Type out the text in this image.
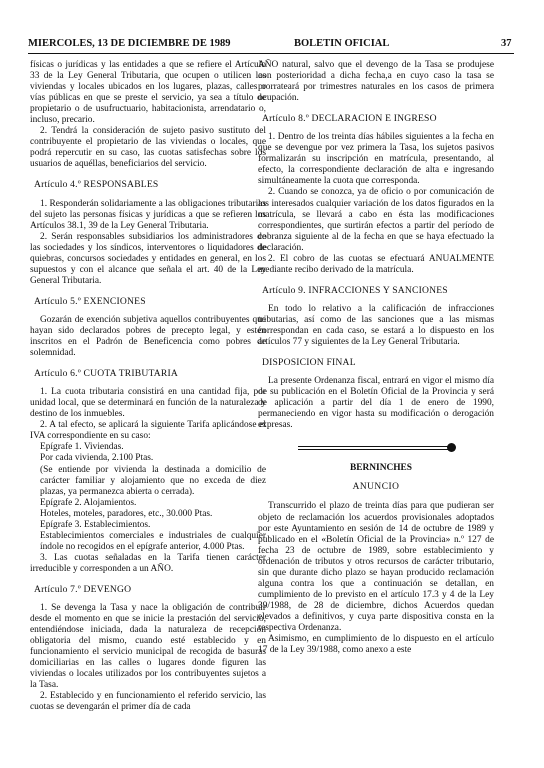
MIERCOLES, 13 DE DICIEMBRE DE 1989	BOLETIN OFICIAL	37

físicas o jurídicas y las entidades a que se refiere el Artículo 33 de la Ley General Tributaria, que ocupen o utilicen las viviendas y locales ubicados en los lugares, plazas, calles o vías públicas en que se preste el servicio, ya sea a título de propietario o de usufructuario, habitacionista, arrendatario o, incluso, precario.

2. Tendrá la consideración de sujeto pasivo sustituto del contribuyente el propietario de las viviendas o locales, que podrá repercutir en su caso, las cuotas satisfechas sobre los usuarios de aquéllas, beneficiarios del servicio.

Artículo 4.º RESPONSABLES

1. Responderán solidariamente a las obligaciones tributarias del sujeto las personas físicas y jurídicas a que se refieren los Artículos 38.1, 39 de la Ley General Tributaria.

2. Serán responsables subsidiarios los administradores de las sociedades y los síndicos, interventores o liquidadores de quiebras, concursos sociedades y entidades en general, en los supuestos y con el alcance que señala el art. 40 de la Ley General Tributaria.

Artículo 5.º EXENCIONES

Gozarán de exención subjetiva aquellos contribuyentes que hayan sido declarados pobres de precepto legal, y estén inscritos en el Padrón de Beneficencia como pobres de solemnidad.

Artículo 6.º CUOTA TRIBUTARIA

1. La cuota tributaria consistirá en una cantidad fija, por unidad local, que se determinará en función de la naturaleza y destino de los inmuebles.

2. A tal efecto, se aplicará la siguiente Tarifa aplicándose el IVA correspondiente en su caso:

Epígrafe 1. Viviendas.

Por cada vivienda, 2.100 Ptas.

(Se entiende por vivienda la destinada a domicilio de carácter familiar y alojamiento que no exceda de diez plazas, ya permanezca abierta o cerrada).

Epígrafe 2. Alojamientos.

Hoteles, moteles, paradores, etc., 30.000 Ptas.

Epígrafe 3. Establecimientos.

Establecimientos comerciales e industriales de cualquier índole no recogidos en el epígrafe anterior, 4.000 Ptas.

3. Las cuotas señaladas en la Tarifa tienen carácter irreducible y corresponden a un AÑO.

Artículo 7.º DEVENGO

1. Se devenga la Tasa y nace la obligación de contribuir desde el momento en que se inicie la prestación del servicio, entendiéndose iniciada, dada la naturaleza de recepción obligatoria del mismo, cuando esté establecido y en funcionamiento el servicio municipal de recogida de basuras domiciliarias en las calles o lugares donde figuren las viviendas o locales utilizados por los contribuyentes sujetos a la Tasa.

2. Establecido y en funcionamiento el referido servicio, las cuotas se devengarán el primer día de cada

AÑO natural, salvo que el devengo de la Tasa se produjese con posterioridad a dicha fecha,a en cuyo caso la tasa se prorrateará por trimestres naturales en los casos de primera ocupación.

Artículo 8.º DECLARACION E INGRESO

1. Dentro de los treinta días hábiles siguientes a la fecha en que se devengue por vez primera la Tasa, los sujetos pasivos formalizarán su inscripción en matrícula, presentando, al efecto, la correspondiente declaración de alta e ingresando simultáneamente la cuota que corresponda.

2. Cuando se conozca, ya de oficio o por comunicación de los interesados cualquier variación de los datos figurados en la matrícula, se llevará a cabo en ésta las modificaciones correspondientes, que surtirán efectos a partir del período de cobranza siguiente al de la fecha en que se haya efectuado la declaración.

2. El cobro de las cuotas se efectuará ANUALMENTE mediante recibo derivado de la matrícula.

Artículo 9. INFRACCIONES Y SANCIONES

En todo lo relativo a la calificación de infracciones tributarias, así como de las sanciones que a las mismas correspondan en cada caso, se estará a lo dispuesto en los artículos 77 y siguientes de la Ley General Tributaria.

DISPOSICION FINAL

La presente Ordenanza fiscal, entrará en vigor el mismo día de su publicación en el Boletín Oficial de la Provincia y será de aplicación a partir del día 1 de enero de 1990, permaneciendo en vigor hasta su modificación o derogación expresas.

BERNINCHES

ANUNCIO

Transcurrido el plazo de treinta días para que pudieran ser objeto de reclamación los acuerdos provisionales adoptados por este Ayuntamiento en sesión de 14 de octubre de 1989 y publicado en el «Boletín Oficial de la Provincia» n.º 127 de fecha 23 de octubre de 1989, sobre establecimiento y ordenación de tributos y otros recursos de carácter tributario, sin que durante dicho plazo se hayan producido reclamación alguna contra los que a continuación se detallan, en cumplimiento de lo previsto en el artículo 17.3 y 4 de la Ley 39/1988, de 28 de diciembre, dichos Acuerdos quedan elevados a definitivos, y cuya parte dispositiva consta en la respectiva Ordenanza.

Asimismo, en cumplimiento de lo dispuesto en el artículo 17 de la Ley 39/1988, como anexo a este
